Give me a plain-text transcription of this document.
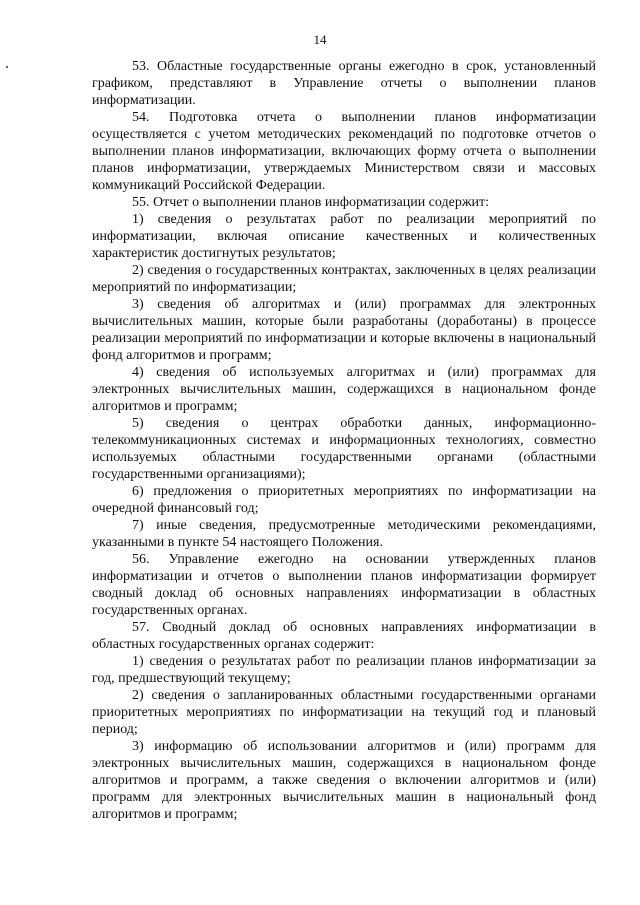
14

53. Областные государственные органы ежегодно в срок, установленный графиком, представляют в Управление отчеты о выполнении планов информатизации.

54. Подготовка отчета о выполнении планов информатизации осуществляется с учетом методических рекомендаций по подготовке отчетов о выполнении планов информатизации, включающих форму отчета о выполнении планов информатизации, утверждаемых Министерством связи и массовых коммуникаций Российской Федерации.

55. Отчет о выполнении планов информатизации содержит:

1) сведения о результатах работ по реализации мероприятий по информатизации, включая описание качественных и количественных характеристик достигнутых результатов;

2) сведения о государственных контрактах, заключенных в целях реализации мероприятий по информатизации;

3) сведения об алгоритмах и (или) программах для электронных вычислительных машин, которые были разработаны (доработаны) в процессе реализации мероприятий по информатизации и которые включены в национальный фонд алгоритмов и программ;

4) сведения об используемых алгоритмах и (или) программах для электронных вычислительных машин, содержащихся в национальном фонде алгоритмов и программ;

5) сведения о центрах обработки данных, информационно-телекоммуникационных системах и информационных технологиях, совместно используемых областными государственными органами (областными государственными организациями);

6) предложения о приоритетных мероприятиях по информатизации на очередной финансовый год;

7) иные сведения, предусмотренные методическими рекомендациями, указанными в пункте 54 настоящего Положения.

56. Управление ежегодно на основании утвержденных планов информатизации и отчетов о выполнении планов информатизации формирует сводный доклад об основных направлениях информатизации в областных государственных органах.

57. Сводный доклад об основных направлениях информатизации в областных государственных органах содержит:

1) сведения о результатах работ по реализации планов информатизации за год, предшествующий текущему;

2) сведения о запланированных областными государственными органами приоритетных мероприятиях по информатизации на текущий год и плановый период;

3) информацию об использовании алгоритмов и (или) программ для электронных вычислительных машин, содержащихся в национальном фонде алгоритмов и программ, а также сведения о включении алгоритмов и (или) программ для электронных вычислительных машин в национальный фонд алгоритмов и программ;
